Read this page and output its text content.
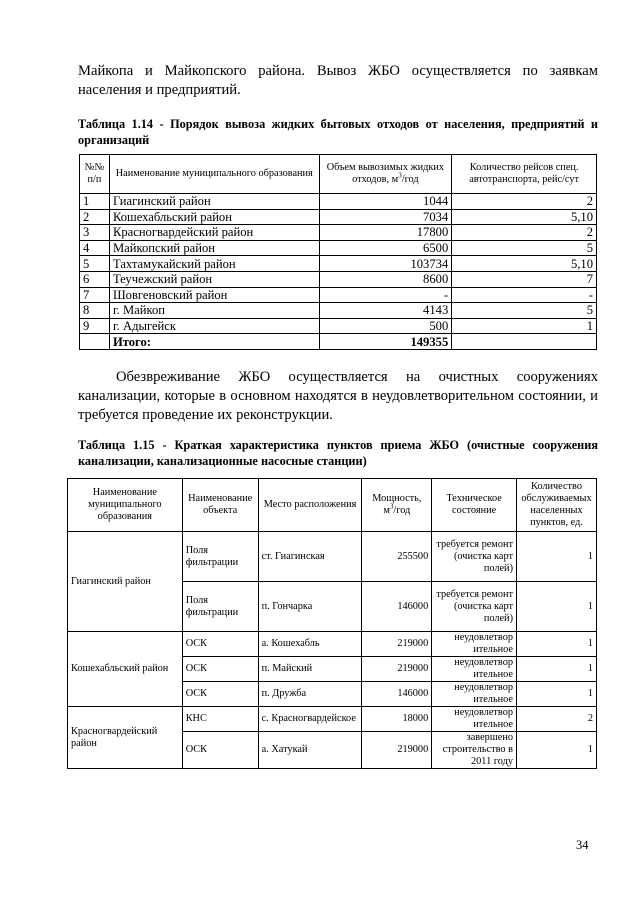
Майкопа и Майкопского района. Вывоз ЖБО осуществляется по заявкам населения и предприятий.

Таблица 1.14 - Порядок вывоза жидких бытовых отходов от населения, предприятий и организаций

№№ п/п	Наименование муниципального образования	Объем вывозимых жидких отходов, $м^3$/год	Количество рейсов спец. автотранспорта, рейс/сут
1	Гиагинский район	1044	2
2	Кошехабльский район	7034	5,10
3	Красногвардейский район	17800	2
4	Майкопский район	6500	5
5	Тахтамукайский район	103734	5,10
6	Теучежский район	8600	7
7	Шовгеновский район	-	-
8	г. Майкоп	4143	5
9	г. Адыгейск	500	1
	Итого:	149355	

Обезвреживание ЖБО осуществляется на очистных сооружениях канализации, которые в основном находятся в неудовлетворительном состоянии, и требуется проведение их реконструкции.

Таблица 1.15 - Краткая характеристика пунктов приема ЖБО (очистные сооружения канализации, канализационные насосные станции)

Наименование муниципального образования	Наименование объекта	Место расположения	Мощность, $м^3$/год	Техническое состояние	Количество обслуживаемых населенных пунктов, ед.
Гиагинский район	Поля фильтрации	ст. Гиагинская	255500	требуется ремонт (очистка карт полей)	1
	Поля фильтрации	п. Гончарка	146000	требуется ремонт (очистка карт полей)	1
Кошехабльский район	ОСК	а. Кошехабль	219000	неудовлетвор ительное	1
	ОСК	п. Майский	219000	неудовлетвор ительное	1
	ОСК	п. Дружба	146000	неудовлетвор ительное	1
Красногвардейский район	КНС	с. Красногвардейское	18000	неудовлетвор ительное	2
	ОСК	а. Хатукай	219000	завершено строительство в 2011 году	1
34
